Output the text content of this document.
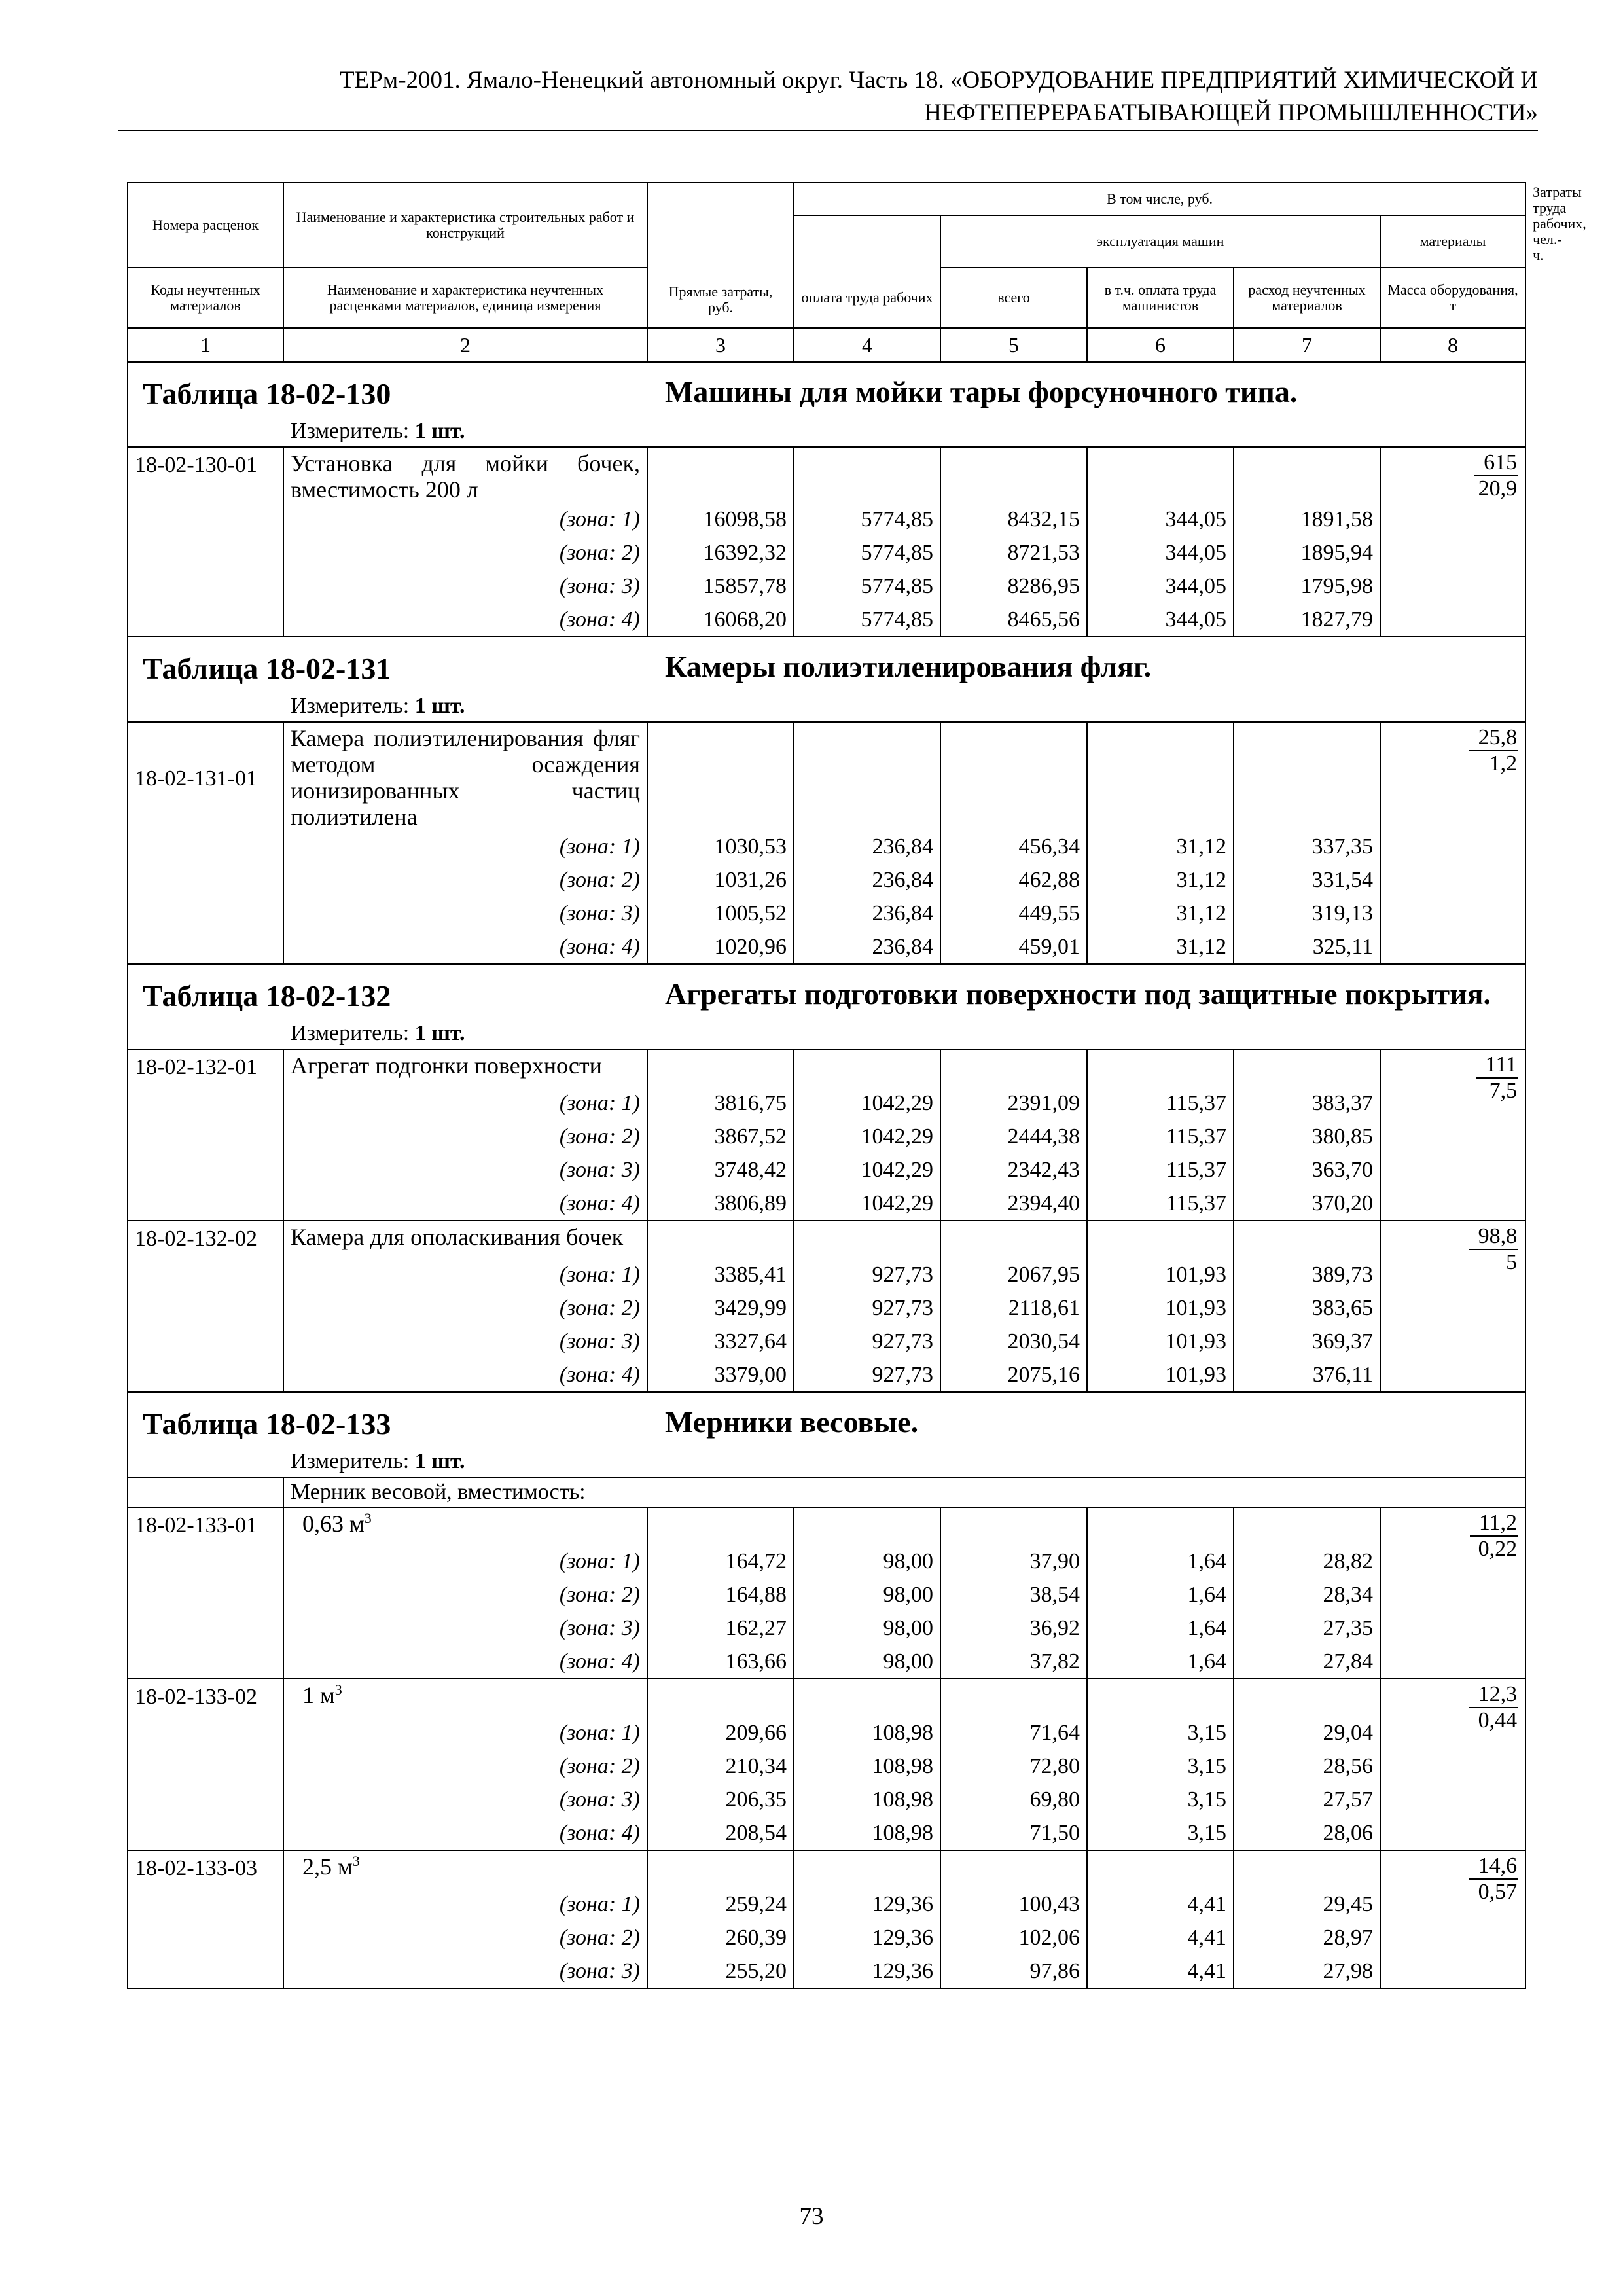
ТЕРм-2001. Ямало-Ненецкий автономный округ. Часть 18. «ОБОРУДОВАНИЕ ПРЕДПРИЯТИЙ ХИМИЧЕСКОЙ И
НЕФТЕПЕРЕРАБАТЫВАЮЩЕЙ ПРОМЫШЛЕННОСТИ»
Номера расценок	Наименование и характеристика строительных работ и конструкций	Прямые затраты, руб.	В том числе, руб.					Затраты труда рабочих, чел.-ч.
				эксплуатация машин			материалы	
Коды неучтенных материалов	Наименование и характеристика неучтенных расценками материалов, единица измерения		оплата труда рабочих	всего	в т.ч. оплата труда машинистов	расход неучтенных материалов	Масса оборудования, т	
1	2	3	4	5	6	7	8	

Таблица 18-02-130 Машины для мойки тары форсуночного типа.								

Измеритель: 1 шт.								
18-02-130-01	Установка для мойки бочек, вместимость 200 л						615
20,9	
	(зона: 1)	16098,58	5774,85	8432,15	344,05	1891,58		
	(зона: 2)	16392,32	5774,85	8721,53	344,05	1895,94		
	(зона: 3)	15857,78	5774,85	8286,95	344,05	1795,98		
	(зона: 4)	16068,20	5774,85	8465,56	344,05	1827,79		

Таблица 18-02-131 Камеры полиэтиленирования фляг.								

Измеритель: 1 шт.								
18-02-131-01	Камера полиэтиленирования фляг методом осаждения ионизированных частиц полиэтилена						25,8
1,2	
	(зона: 1)	1030,53	236,84	456,34	31,12	337,35		
	(зона: 2)	1031,26	236,84	462,88	31,12	331,54		
	(зона: 3)	1005,52	236,84	449,55	31,12	319,13		
	(зона: 4)	1020,96	236,84	459,01	31,12	325,11		

Таблица 18-02-132 Агрегаты подготовки поверхности под защитные покрытия.								

Измеритель: 1 шт.								
18-02-132-01	Агрегат подгонки поверхности						111
7,5	
	(зона: 1)	3816,75	1042,29	2391,09	115,37	383,37		
	(зона: 2)	3867,52	1042,29	2444,38	115,37	380,85		
	(зона: 3)	3748,42	1042,29	2342,43	115,37	363,70		
	(зона: 4)	3806,89	1042,29	2394,40	115,37	370,20		
18-02-132-02	Камера для ополаскивания бочек						98,8
5	
	(зона: 1)	3385,41	927,73	2067,95	101,93	389,73		
	(зона: 2)	3429,99	927,73	2118,61	101,93	383,65		
	(зона: 3)	3327,64	927,73	2030,54	101,93	369,37		
	(зона: 4)	3379,00	927,73	2075,16	101,93	376,11		

Таблица 18-02-133 Мерники весовые.								

Измеритель: 1 шт.								
	Мерник весовой, вместимость:							
18-02-133-01	0,63 $м^3$						11,2
0,22	
	(зона: 1)	164,72	98,00	37,90	1,64	28,82		
	(зона: 2)	164,88	98,00	38,54	1,64	28,34		
	(зона: 3)	162,27	98,00	36,92	1,64	27,35		
	(зона: 4)	163,66	98,00	37,82	1,64	27,84		
18-02-133-02	1 $м^3$						12,3
0,44	
	(зона: 1)	209,66	108,98	71,64	3,15	29,04		
	(зона: 2)	210,34	108,98	72,80	3,15	28,56		
	(зона: 3)	206,35	108,98	69,80	3,15	27,57		
	(зона: 4)	208,54	108,98	71,50	3,15	28,06		
18-02-133-03	2,5 $м^3$						14,6
0,57	
	(зона: 1)	259,24	129,36	100,43	4,41	29,45		
	(зона: 2)	260,39	129,36	102,06	4,41	28,97		
	(зона: 3)	255,20	129,36	97,86	4,41	27,98		
73
